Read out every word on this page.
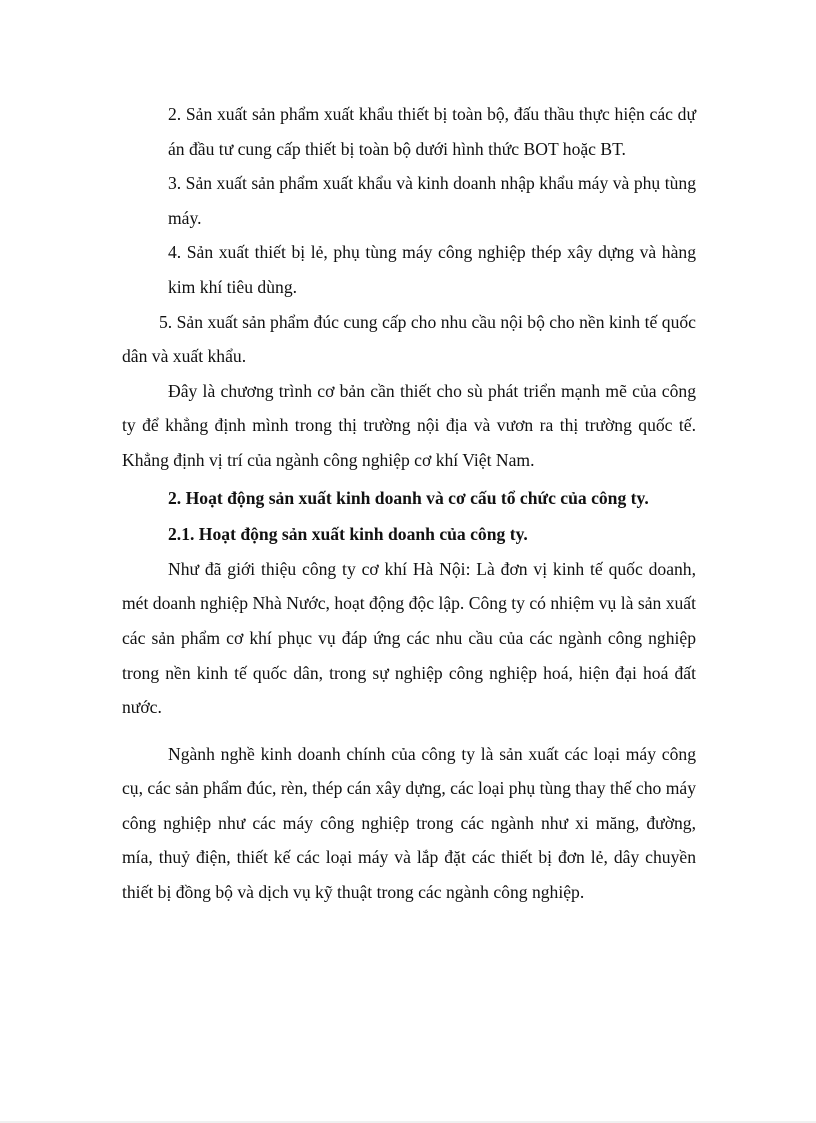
2. Sản xuất sản phẩm xuất khẩu thiết bị toàn bộ, đấu thầu thực hiện các dự án đầu tư cung cấp thiết bị toàn bộ dưới hình thức BOT hoặc BT.

3. Sản xuất sản phẩm xuất khẩu và kinh doanh nhập khẩu máy và phụ tùng máy.

4. Sản xuất thiết bị lẻ, phụ tùng máy công nghiệp thép xây dựng và hàng kim khí tiêu dùng.

5. Sản xuất sản phẩm đúc cung cấp cho nhu cầu nội bộ cho nền kinh tế quốc dân và xuất khẩu.

Đây là chương trình cơ bản cần thiết cho sù phát triển mạnh mẽ của công ty để khẳng định mình trong thị trường nội địa và vươn ra thị trường quốc tế. Khẳng định vị trí của ngành công nghiệp cơ khí Việt Nam.

2. Hoạt động sản xuất kinh doanh và cơ cấu tổ chức của công ty.

2.1. Hoạt động sản xuất kinh doanh của công ty.

Như đã giới thiệu công ty cơ khí Hà Nội: Là đơn vị kinh tế quốc doanh, mét doanh nghiệp Nhà Nước, hoạt động độc lập. Công ty có nhiệm vụ là sản xuất các sản phẩm cơ khí phục vụ đáp ứng các nhu cầu của các ngành công nghiệp trong nền kinh tế quốc dân, trong sự nghiệp công nghiệp hoá, hiện đại hoá đất nước.

Ngành nghề kinh doanh chính của công ty là sản xuất các loại máy công cụ, các sản phẩm đúc, rèn, thép cán xây dựng, các loại phụ tùng thay thế cho máy công nghiệp như các máy công nghiệp trong các ngành như xi măng, đường, mía, thuỷ điện, thiết kế các loại máy và lắp đặt các thiết bị đơn lẻ, dây chuyền thiết bị đồng bộ và dịch vụ kỹ thuật trong các ngành công nghiệp.
